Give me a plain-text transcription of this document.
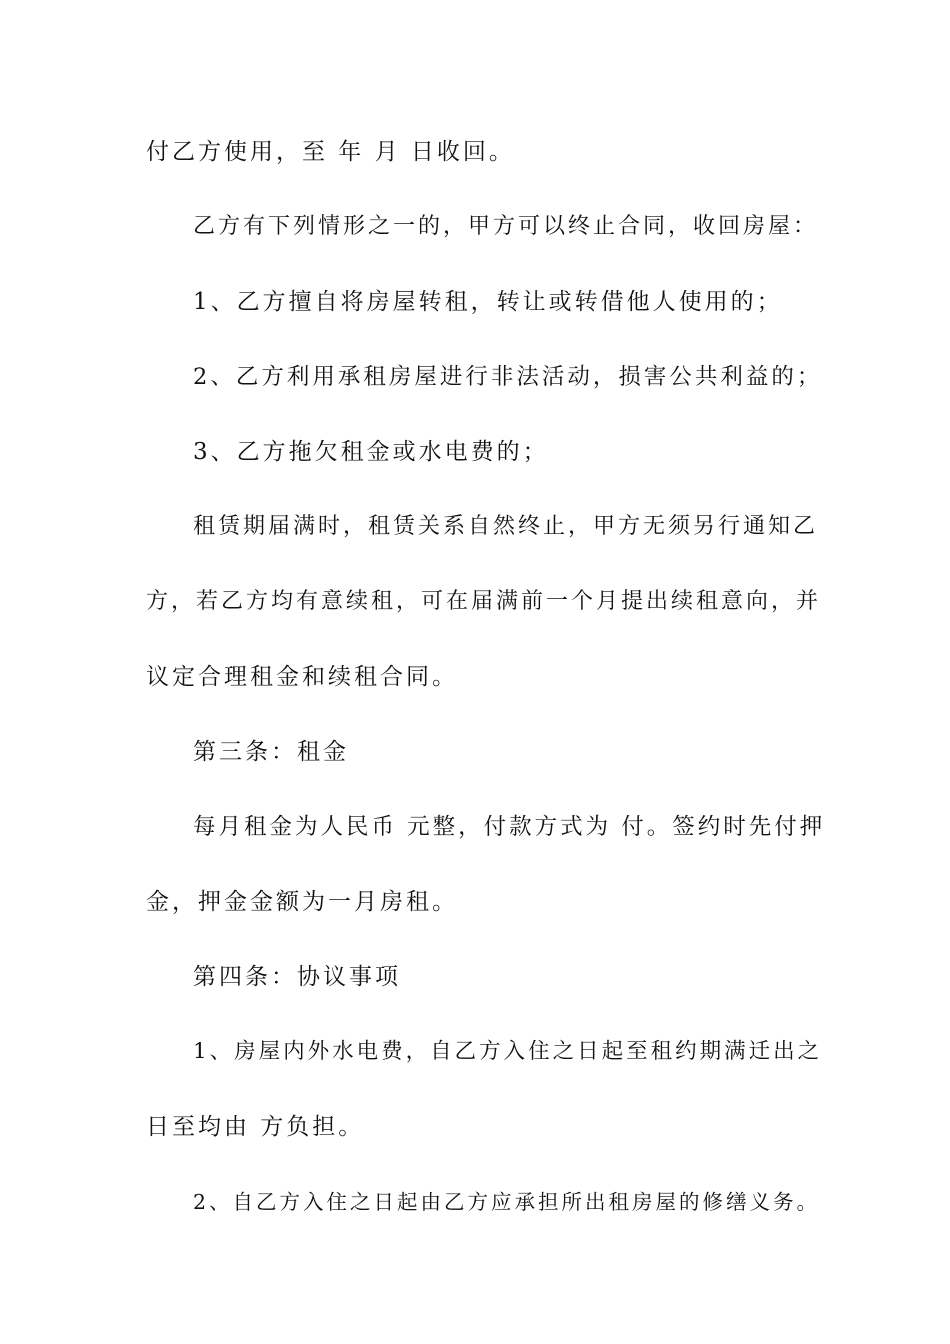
付乙方使用，至 年 月 日收回。
乙方有下列情形之一的，甲方可以终止合同，收回房屋：
1、乙方擅自将房屋转租，转让或转借他人使用的；
2、乙方利用承租房屋进行非法活动，损害公共利益的；
3、乙方拖欠租金或水电费的；
租赁期届满时，租赁关系自然终止，甲方无须另行通知乙
方，若乙方均有意续租，可在届满前一个月提出续租意向，并
议定合理租金和续租合同。
第三条：租金
每月租金为人民币 元整，付款方式为 付。签约时先付押
金，押金金额为一月房租。
第四条：协议事项
1、房屋内外水电费，自乙方入住之日起至租约期满迁出之
日至均由 方负担。
2、自乙方入住之日起由乙方应承担所出租房屋的修缮义务。
